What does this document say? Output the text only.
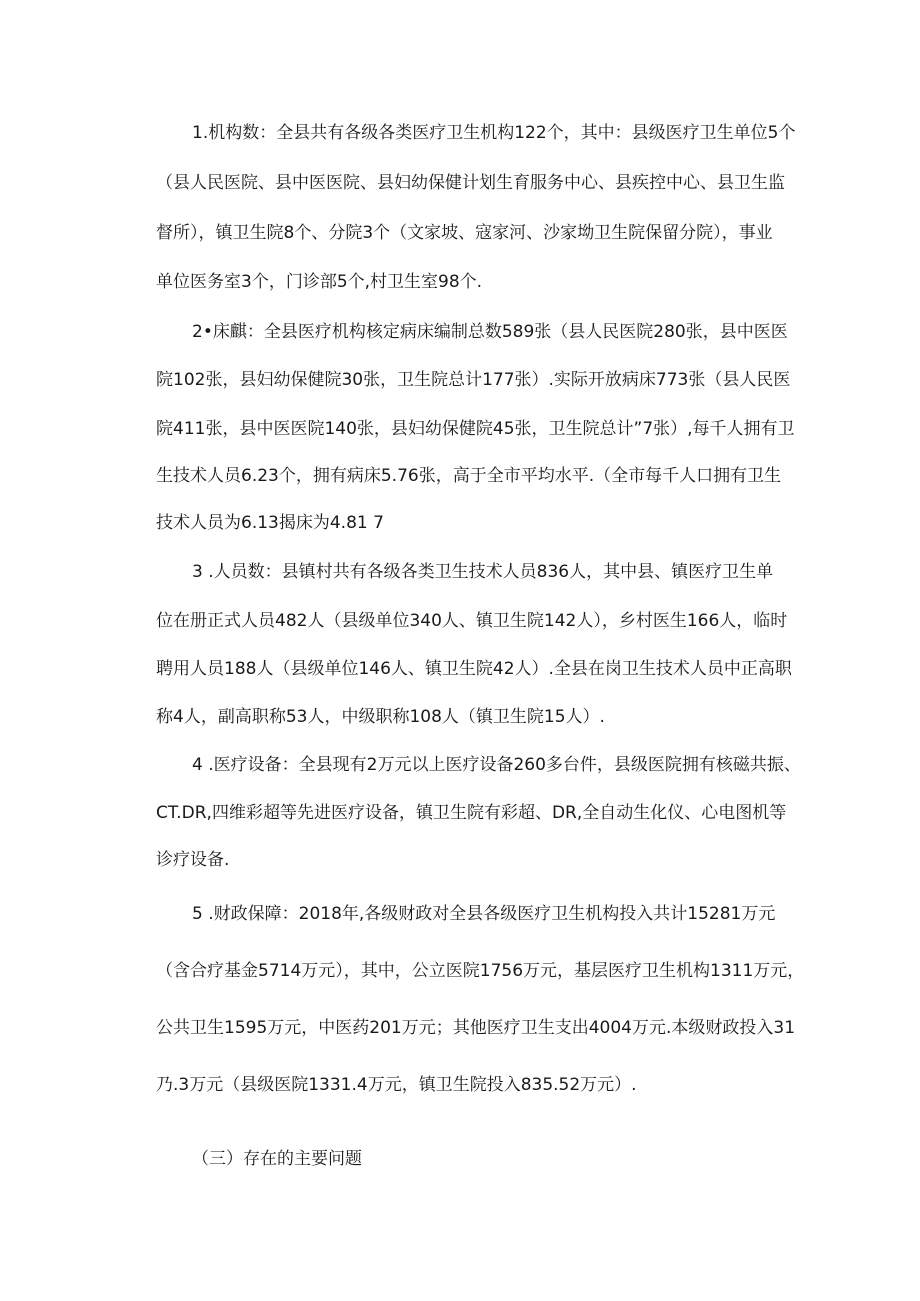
1.机构数：全县共有各级各类医疗卫生机构122个，其中：县级医疗卫生单位5个
（县人民医院、县中医医院、县妇幼保健计划生育服务中心、县疾控中心、县卫生监
督所），镇卫生院8个、分院3个（文家坡、寇家河、沙家坳卫生院保留分院），事业
单位医务室3个，门诊部5个,村卫生室98个.
2•床麒：全县医疗机构核定病床编制总数589张（县人民医院280张，县中医医
院102张，县妇幼保健院30张，卫生院总计177张）.实际开放病床773张（县人民医
院411张，县中医医院140张，县妇幼保健院45张，卫生院总计”7张）,每千人拥有卫
生技术人员6.23个，拥有病床5.76张，高于全市平均水平.（全市每千人口拥有卫生
技术人员为6.13揭床为4.81 7
3 .人员数：县镇村共有各级各类卫生技术人员836人，其中县、镇医疗卫生单
位在册正式人员482人（县级单位340人、镇卫生院142人），乡村医生166人，临时
聘用人员188人（县级单位146人、镇卫生院42人）.全县在岗卫生技术人员中正高职
称4人，副高职称53人，中级职称108人（镇卫生院15人）.
4 .医疗设备：全县现有2万元以上医疗设备260多台件，县级医院拥有核磁共振、
CT.DR,四维彩超等先进医疗设备，镇卫生院有彩超、DR,全自动生化仪、心电图机等
诊疗设备.
5 .财政保障：2018年,各级财政对全县各级医疗卫生机构投入共计15281万元
（含合疗基金5714万元），其中，公立医院1756万元，基层医疗卫生机构1311万元，
公共卫生1595万元，中医药201万元；其他医疗卫生支出4004万元.本级财政投入31
乃.3万元（县级医院1331.4万元，镇卫生院投入835.52万元）.
（三）存在的主要问题
